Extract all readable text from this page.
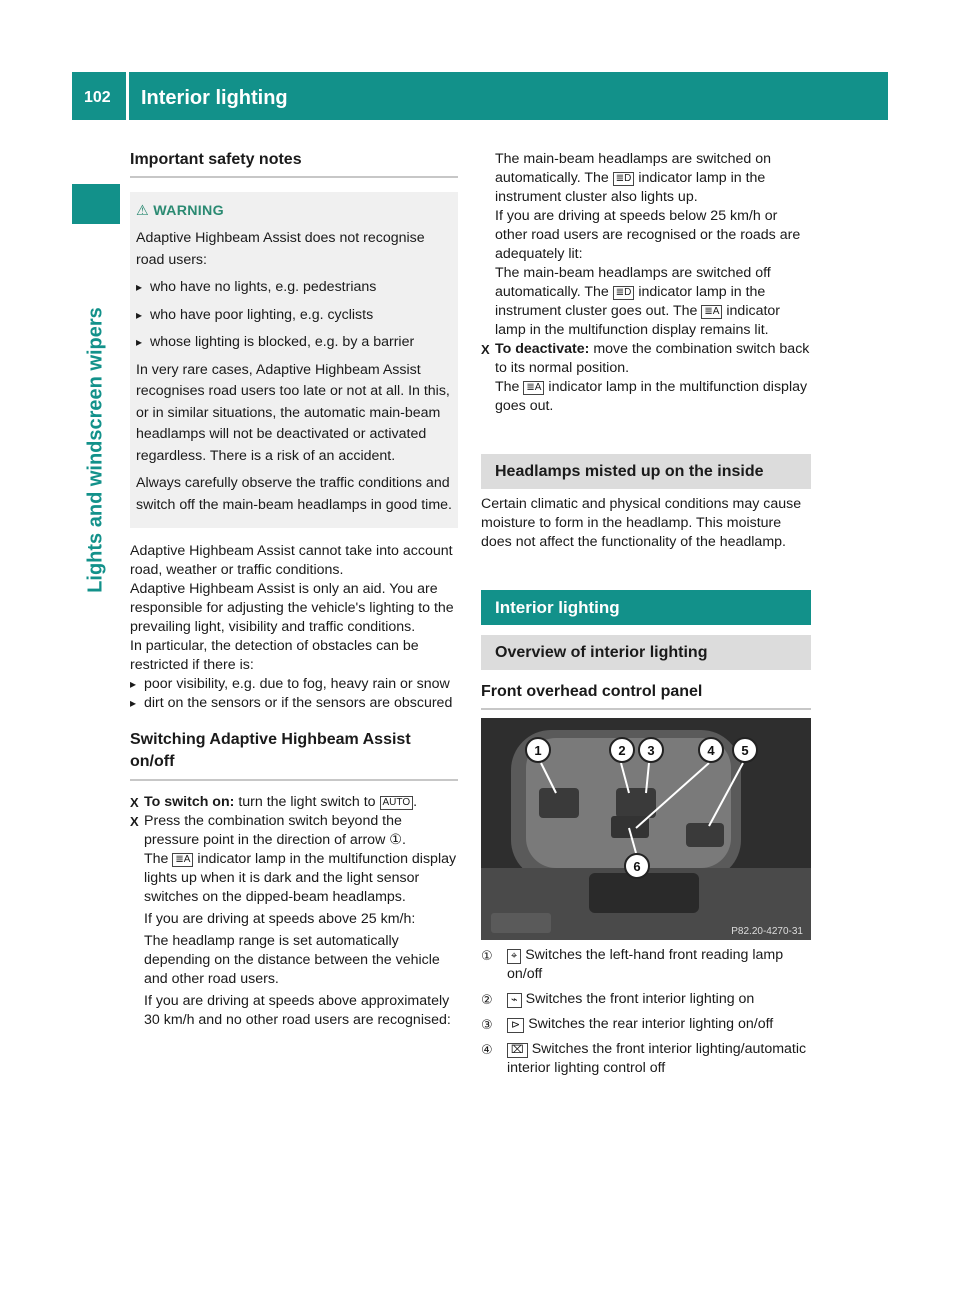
102 Interior lighting
Lights and windscreen wipers
Important safety notes
⚠ WARNING

Adaptive Highbeam Assist does not recognise road users:

▸ who have no lights, e.g. pedestrians

▸ who have poor lighting, e.g. cyclists

▸ whose lighting is blocked, e.g. by a barrier

In very rare cases, Adaptive Highbeam Assist recognises road users too late or not at all. In this, or in similar situations, the automatic main-beam headlamps will not be deactivated or activated regardless. There is a risk of an accident.

Always carefully observe the traffic conditions and switch off the main-beam headlamps in good time.

Adaptive Highbeam Assist cannot take into account road, weather or traffic conditions.

Adaptive Highbeam Assist is only an aid. You are responsible for adjusting the vehicle's lighting to the prevailing light, visibility and traffic conditions.

In particular, the detection of obstacles can be restricted if there is:

▸ poor visibility, e.g. due to fog, heavy rain or snow

▸ dirt on the sensors or if the sensors are obscured

Switching Adaptive Highbeam Assist on/off

X To switch on: turn the light switch to AUTO .

X Press the combination switch beyond the pressure point in the direction of arrow ①.

The ≣A indicator lamp in the multifunction display lights up when it is dark and the light sensor switches on the dipped-beam headlamps.

If you are driving at speeds above 25 km/h:

The headlamp range is set automatically depending on the distance between the vehicle and other road users.

If you are driving at speeds above approximately 30 km/h and no other road users are recognised:

The main-beam headlamps are switched on automatically. The ≣D indicator lamp in the instrument cluster also lights up.

If you are driving at speeds below 25 km/h or other road users are recognised or the roads are adequately lit:

The main-beam headlamps are switched off automatically. The ≣D indicator lamp in the instrument cluster goes out. The ≣A indicator lamp in the multifunction display remains lit.

X To deactivate: move the combination switch back to its normal position.

The ≣A indicator lamp in the multifunction display goes out.

Headlamps misted up on the inside

Certain climatic and physical conditions may cause moisture to form in the headlamp. This moisture does not affect the functionality of the headlamp.

Interior lighting
Overview of interior lighting
Front overhead control panel
1	2 3	4 5
6
P82.20-4270-31
① ⌖ Switches the left-hand front reading lamp on/off
② ⌁ Switches the front interior lighting on
③ ⊳ Switches the rear interior lighting on/off
④ ⌧ Switches the front interior lighting/automatic interior lighting control off
